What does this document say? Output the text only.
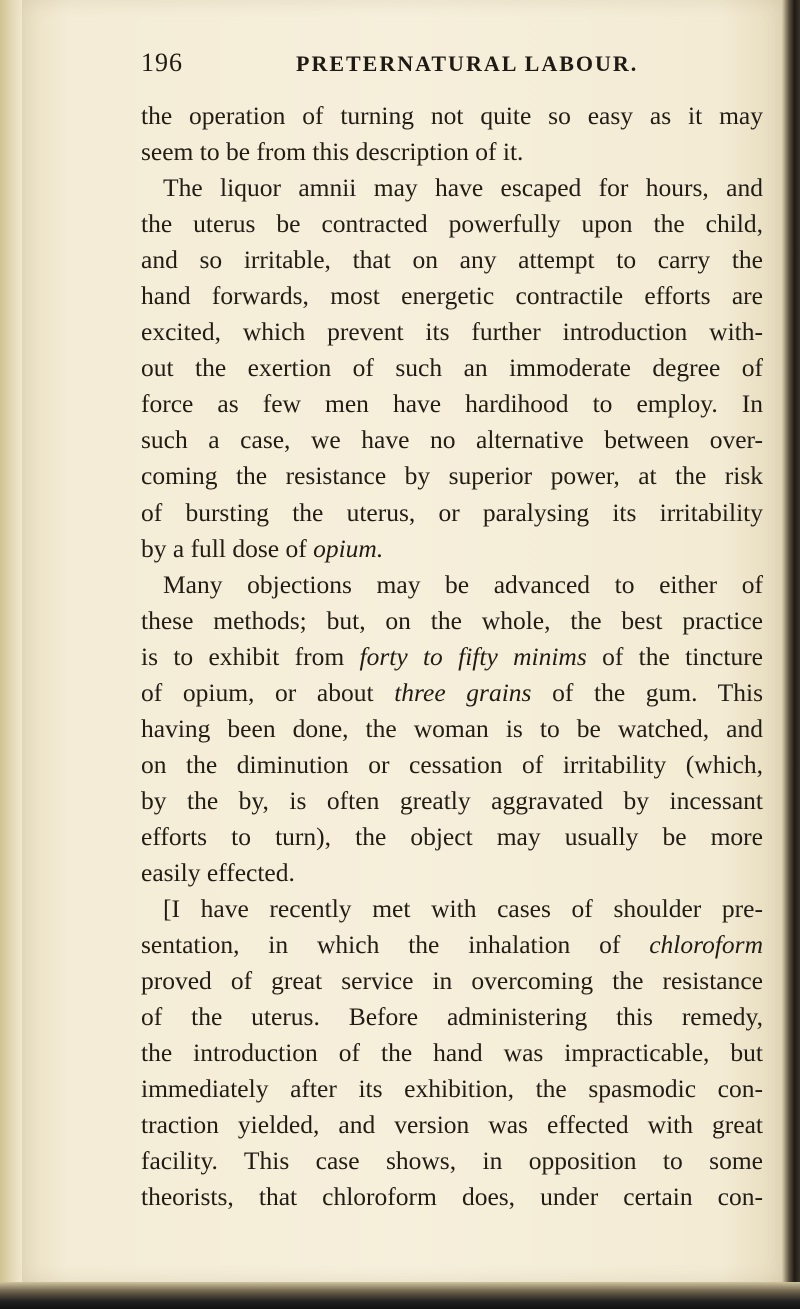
196	PRETERNATURAL LABOUR.
the operation of turning not quite so easy as it may
seem to be from this description of it.
The liquor amnii may have escaped for hours, and
the uterus be contracted powerfully upon the child,
and so irritable, that on any attempt to carry the
hand forwards, most energetic contractile efforts are
excited, which prevent its further introduction with-
out the exertion of such an immoderate degree of
force as few men have hardihood to employ. In
such a case, we have no alternative between over-
coming the resistance by superior power, at the risk
of bursting the uterus, or paralysing its irritability
by a full dose of opium.
Many objections may be advanced to either of
these methods; but, on the whole, the best practice
is to exhibit from forty to fifty minims of the tincture
of opium, or about three grains of the gum. This
having been done, the woman is to be watched, and
on the diminution or cessation of irritability (which,
by the by, is often greatly aggravated by incessant
efforts to turn), the object may usually be more
easily effected.
[I have recently met with cases of shoulder pre-
sentation, in which the inhalation of chloroform
proved of great service in overcoming the resistance
of the uterus. Before administering this remedy,
the introduction of the hand was impracticable, but
immediately after its exhibition, the spasmodic con-
traction yielded, and version was effected with great
facility. This case shows, in opposition to some
theorists, that chloroform does, under certain con-
